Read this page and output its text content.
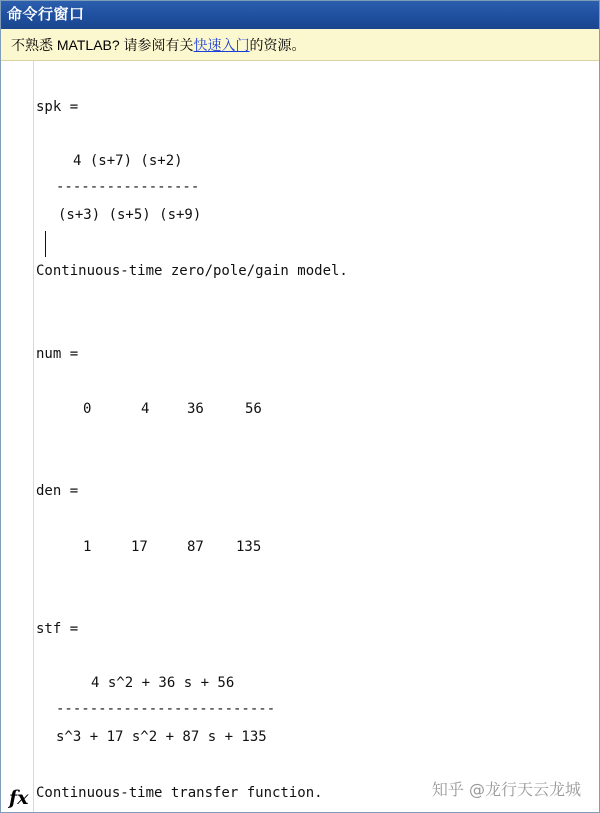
命令行窗口
不熟悉 MATLAB? 请参阅有关快速入门的资源。
spk =
4 (s+7) (s+2)
-----------------
(s+3) (s+5) (s+9)
Continuous-time zero/pole/gain model.
num =
0	4	36	56
den =
1	17	87 135
stf =
4 s^2 + 36 s + 56
--------------------------
s^3 + 17 s^2 + 87 s + 135
Continuous-time transfer function.
fx	知乎 @龙行天云龙城
